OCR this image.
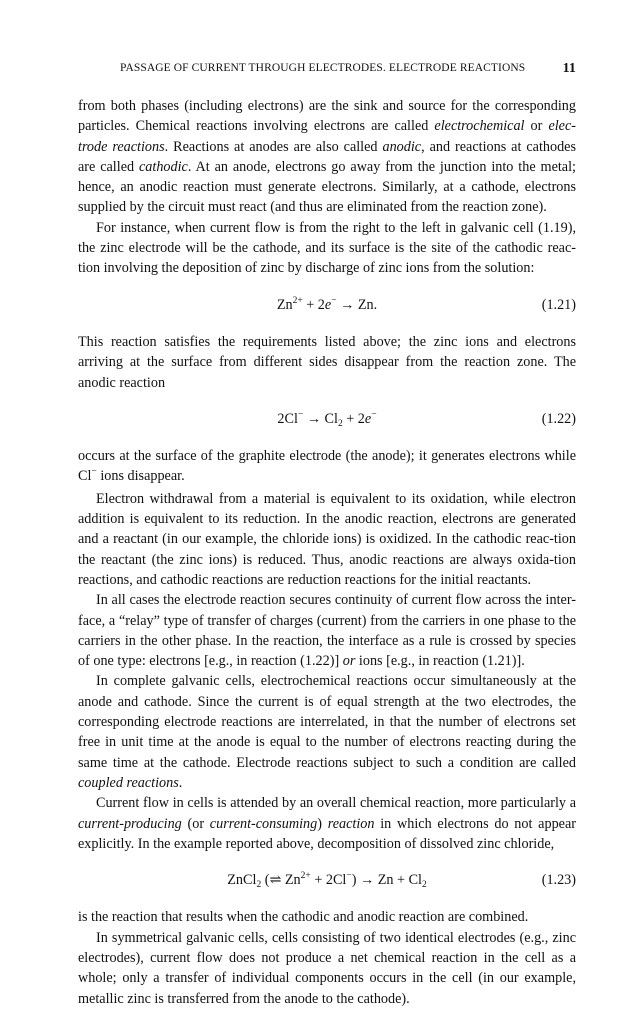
PASSAGE OF CURRENT THROUGH ELECTRODES. ELECTRODE REACTIONS	11

from both phases (including electrons) are the sink and source for the corresponding particles. Chemical reactions involving electrons are called electrochemical or elec-trode reactions. Reactions at anodes are also called anodic, and reactions at cathodes are called cathodic. At an anode, electrons go away from the junction into the metal; hence, an anodic reaction must generate electrons. Similarly, at a cathode, electrons supplied by the circuit must react (and thus are eliminated from the reaction zone).

For instance, when current flow is from the right to the left in galvanic cell (1.19), the zinc electrode will be the cathode, and its surface is the site of the cathodic reac-tion involving the deposition of zinc by discharge of zinc ions from the solution:

$Zn^{2+} + 2e^- \to Zn$.	(1.21)

This reaction satisfies the requirements listed above; the zinc ions and electrons arriving at the surface from different sides disappear from the reaction zone. The anodic reaction

$2Cl^- \to Cl_2 + 2e^-$	(1.22)

occurs at the surface of the graphite electrode (the anode); it generates electrons while Cl− ions disappear.

Electron withdrawal from a material is equivalent to its oxidation, while electron addition is equivalent to its reduction. In the anodic reaction, electrons are generated and a reactant (in our example, the chloride ions) is oxidized. In the cathodic reac-tion the reactant (the zinc ions) is reduced. Thus, anodic reactions are always oxida-tion reactions, and cathodic reactions are reduction reactions for the initial reactants.

In all cases the electrode reaction secures continuity of current flow across the inter-face, a “relay” type of transfer of charges (current) from the carriers in one phase to the carriers in the other phase. In the reaction, the interface as a rule is crossed by species of one type: electrons [e.g., in reaction (1.22)] or ions [e.g., in reaction (1.21)].

In complete galvanic cells, electrochemical reactions occur simultaneously at the anode and cathode. Since the current is of equal strength at the two electrodes, the corresponding electrode reactions are interrelated, in that the number of electrons set free in unit time at the anode is equal to the number of electrons reacting during the same time at the cathode. Electrode reactions subject to such a condition are called coupled reactions.

Current flow in cells is attended by an overall chemical reaction, more particularly a current-producing (or current-consuming) reaction in which electrons do not appear explicitly. In the example reported above, decomposition of dissolved zinc chloride,

ZnCl$_2$ (⇌ $Zn^{2+} + 2Cl^-) \to Zn + Cl_2$	(1.23)

is the reaction that results when the cathodic and anodic reaction are combined.

In symmetrical galvanic cells, cells consisting of two identical electrodes (e.g., zinc electrodes), current flow does not produce a net chemical reaction in the cell as a whole; only a transfer of individual components occurs in the cell (in our example, metallic zinc is transferred from the anode to the cathode).
